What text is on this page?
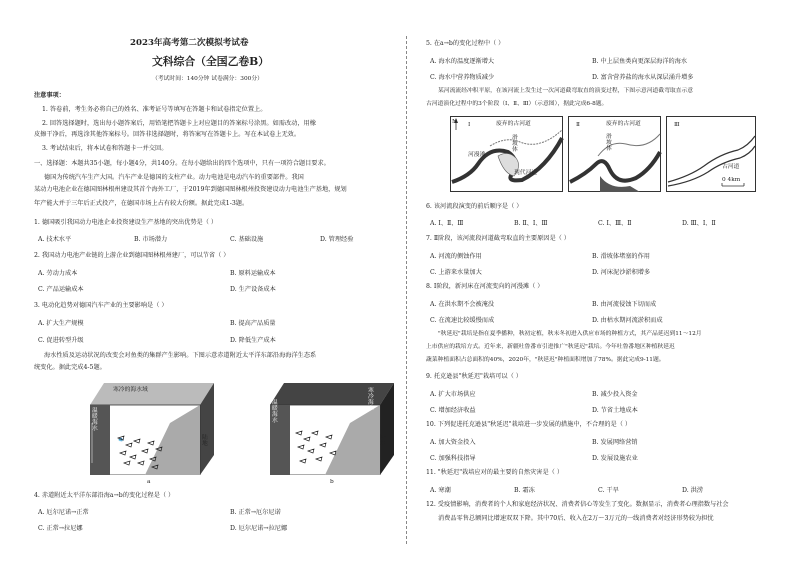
2023年高考第二次模拟考试卷
文科综合（全国乙卷B）
（考试时间：140分钟 试卷满分：300分）
注意事项：
1. 答卷前，考生务必将自己的姓名、准考证号等填写在答题卡和试卷指定位置上。
2. 回答选择题时，选出每小题答案后，用铅笔把答题卡上对应题目的答案标号涂黑。如需改动，用橡
皮擦干净后，再选涂其他答案标号。回答非选择题时，将答案写在答题卡上。写在本试卷上无效。
3. 考试结束后，将本试卷和答题卡一并交回。
一、选择题：本题共35小题，每小题4分，共140分。在每小题给出的四个选项中，只有一项符合题目要求。
德国为传统汽车生产大国。汽车产业是德国的支柱产业。动力电池是电动汽车的重要部件。我国
某动力电池企业在德国图林根州建设其首个海外工厂，于2019年到德国图林根州投资建设动力电池生产基地，规划
年产能大并于三年后正式投产，在德国市场上占有较大份额。据此完成1-3题。
1. 德国吸引我国动力电池企业投资建设生产基地的突出优势是（ ）
A. 技术水平	B. 市场潜力	C. 基础设施	D. 管理经验
2. 我国动力电池产业链的上游企业到德国图林根州建厂，可以节省（ ）
A. 劳动力成本	B. 原料运输成本
C. 产品运输成本	D. 生产设备成本
3. 电动化趋势对德国汽车产业的主要影响是（ ）
A. 扩大生产规模	B. 提高产品质量
C. 促进转型升级	D. 降低生产成本
海水性质及运动状况的改变会对鱼类的集群产生影响。下图示意赤道附近太平洋东部沿海海洋生态系
统变化。据此完成4-5题。
🐟
寒冷的海水域
温暖海水
陆地
a
温暖海水
寒冷海水
陆地
b
4. 赤道附近太平洋东部沿海a→b的变化过程是（ ）
A. 厄尔尼诺→正常	B. 正常→厄尔尼诺
C. 正常→拉尼娜	D. 厄尔尼诺→拉尼娜
5. 在a→b的变化过程中（ ）
A. 海水的温度逐渐增大	B. 中上层鱼类向更深层海洋的海水
C. 海水中营养物质减少	D. 富含营养盐的海水从深层涌升增多
某河流流经冲积平原，在该河流上发生过一次河道截弯取直的演变过程，下图示意河道截弯取直示意
古河道演化过程中的3个阶段（Ⅰ、Ⅱ、Ⅲ）（示意图），据此完成6-8题。
N Ⅰ	废弃的古河道
滑坡体
河漫滩
现代河道
Ⅱ	废弃的古河道
滑坡体
Ⅲ
古河道
0 4km
6. 该河流段演变的前后顺序是（ ）
A. Ⅰ、Ⅱ、Ⅲ	B. Ⅱ、Ⅰ、Ⅲ	C. Ⅰ、Ⅲ、Ⅱ	D. Ⅲ、Ⅰ、Ⅱ
7. Ⅱ阶段，该河流段河道截弯取直的主要原因是（ ）
A. 河流的侧蚀作用	B. 滑坡体堵塞的作用
C. 上游来水量加大	D. 河床泥沙淤积增多
8. Ⅰ阶段，新河床在河流变向的河漫滩（ ）
A. 在洪水期不会被淹没	B. 由河流侵蚀下切而成
C. 在流速比较缓慢而成	D. 由枯水期河流淤积而成
"秋延迟"栽培是指在夏季播种，秋初定植，秋末冬初进入供应市场的种植方式，其产品延迟到11～12月
上市供应的栽培方式。近年来，新疆吐鲁番市引进推广"秋延迟"栽培。今年吐鲁番地区种植秋延迟
蔬菜种植面积占总面积的40%，2020年，"秋延迟"种植面积增加了78%。据此完成9-11题。
9. 托克逊县"秋延迟"栽培可以（ ）
A. 扩大市场供应	B. 减少投入资金
C. 增加经济收益	D. 节省土地成本
10. 下列促进托克逊县"秋延迟"栽培进一步发展的措施中，不合理的是（ ）
A. 加大资金投入	B. 发展网络营销
C. 加强科技指导	D. 发展设施农业
11. "秋延迟"栽培应对的最主要的自然灾害是（ ）
A. 寒潮	B. 霜冻	C. 干旱	D. 洪涝
12. 受疫情影响，消费者的个人和家庭经济状况、消费者信心等发生了变化。数据显示，消费者心理指数与社会
消费品零售总额同比增速双双下降。其中70后、收入在2万～3万元的一线消费者对经济形势较为担忧
